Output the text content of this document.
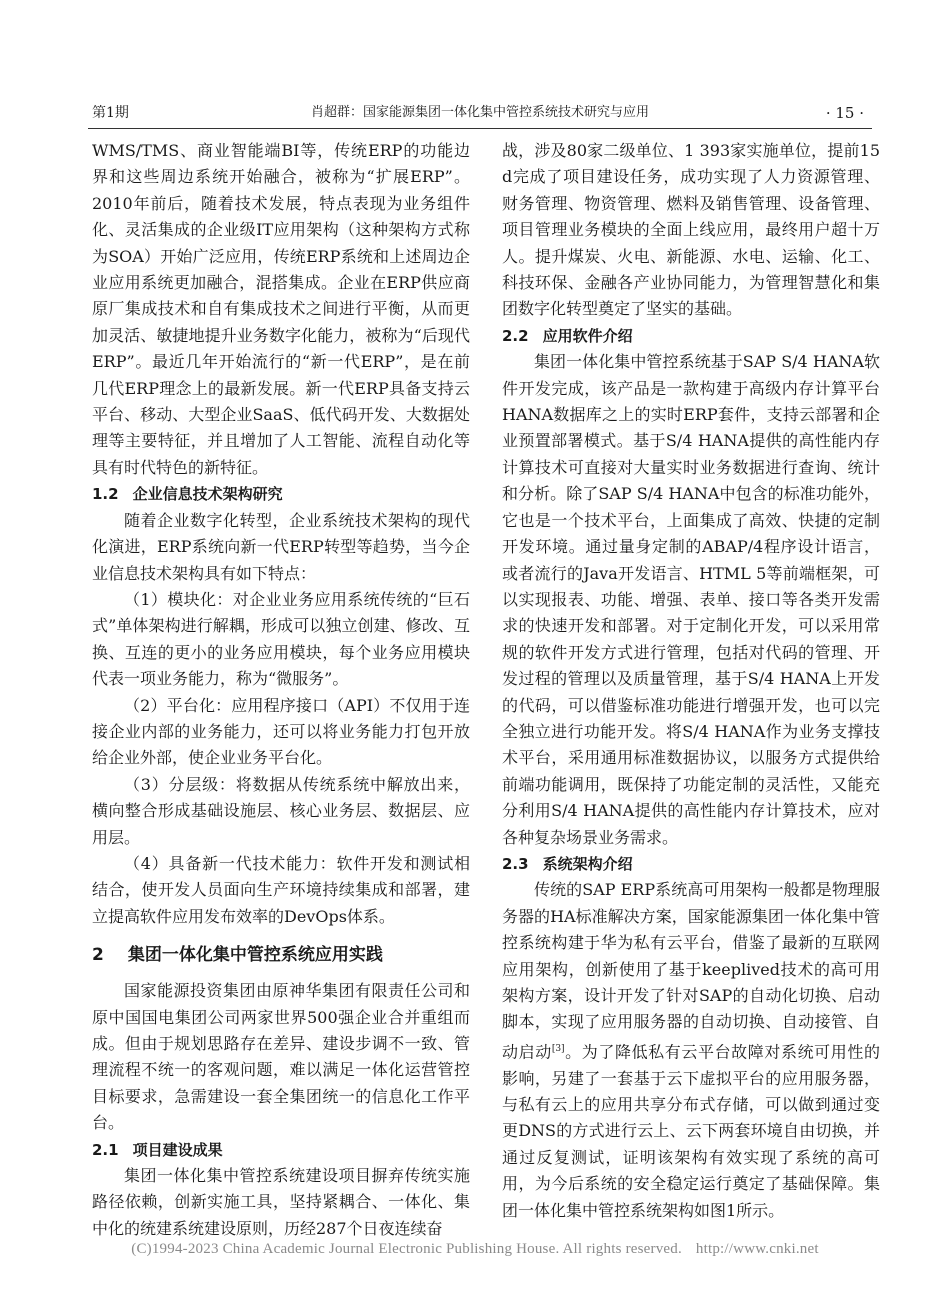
第1期	肖超群：国家能源集团一体化集中管控系统技术研究与应用	· 15 ·

WMS/TMS、商业智能端BI等，传统ERP的功能边界和这些周边系统开始融合，被称为“扩展ERP”。2010年前后，随着技术发展，特点表现为业务组件化、灵活集成的企业级IT应用架构（这种架构方式称为SOA）开始广泛应用，传统ERP系统和上述周边企业应用系统更加融合，混搭集成。企业在ERP供应商原厂集成技术和自有集成技术之间进行平衡，从而更加灵活、敏捷地提升业务数字化能力，被称为“后现代ERP”。最近几年开始流行的“新一代ERP”，是在前几代ERP理念上的最新发展。新一代ERP具备支持云平台、移动、大型企业SaaS、低代码开发、大数据处理等主要特征，并且增加了人工智能、流程自动化等具有时代特色的新特征。

1.2 企业信息技术架构研究

随着企业数字化转型，企业系统技术架构的现代化演进，ERP系统向新一代ERP转型等趋势，当今企业信息技术架构具有如下特点：

（1）模块化：对企业业务应用系统传统的“巨石式”单体架构进行解耦，形成可以独立创建、修改、互换、互连的更小的业务应用模块，每个业务应用模块代表一项业务能力，称为“微服务”。

（2）平台化：应用程序接口（API）不仅用于连接企业内部的业务能力，还可以将业务能力打包开放给企业外部，使企业业务平台化。

（3）分层级：将数据从传统系统中解放出来，横向整合形成基础设施层、核心业务层、数据层、应用层。

（4）具备新一代技术能力：软件开发和测试相结合，使开发人员面向生产环境持续集成和部署，建立提高软件应用发布效率的DevOps体系。

2 集团一体化集中管控系统应用实践

国家能源投资集团由原神华集团有限责任公司和原中国国电集团公司两家世界500强企业合并重组而成。但由于规划思路存在差异、建设步调不一致、管理流程不统一的客观问题，难以满足一体化运营管控目标要求，急需建设一套全集团统一的信息化工作平台。

2.1 项目建设成果

集团一体化集中管控系统建设项目摒弃传统实施路径依赖，创新实施工具，坚持紧耦合、一体化、集中化的统建系统建设原则，历经287个日夜连续奋

战，涉及80家二级单位、1 393家实施单位，提前15 d完成了项目建设任务，成功实现了人力资源管理、财务管理、物资管理、燃料及销售管理、设备管理、项目管理业务模块的全面上线应用，最终用户超十万人。提升煤炭、火电、新能源、水电、运输、化工、科技环保、金融各产业协同能力，为管理智慧化和集团数字化转型奠定了坚实的基础。

2.2 应用软件介绍

集团一体化集中管控系统基于SAP S/4 HANA软件开发完成，该产品是一款构建于高级内存计算平台HANA数据库之上的实时ERP套件，支持云部署和企业预置部署模式。基于S/4 HANA提供的高性能内存计算技术可直接对大量实时业务数据进行查询、统计和分析。除了SAP S/4 HANA中包含的标准功能外，它也是一个技术平台，上面集成了高效、快捷的定制开发环境。通过量身定制的ABAP/4程序设计语言，或者流行的Java开发语言、HTML 5等前端框架，可以实现报表、功能、增强、表单、接口等各类开发需求的快速开发和部署。对于定制化开发，可以采用常规的软件开发方式进行管理，包括对代码的管理、开发过程的管理以及质量管理，基于S/4 HANA上开发的代码，可以借鉴标准功能进行增强开发，也可以完全独立进行功能开发。将S/4 HANA作为业务支撑技术平台，采用通用标准数据协议，以服务方式提供给前端功能调用，既保持了功能定制的灵活性，又能充分利用S/4 HANA提供的高性能内存计算技术，应对各种复杂场景业务需求。

2.3 系统架构介绍

传统的SAP ERP系统高可用架构一般都是物理服务器的HA标准解决方案，国家能源集团一体化集中管控系统构建于华为私有云平台，借鉴了最新的互联网应用架构，创新使用了基于keeplived技术的高可用架构方案，设计开发了针对SAP的自动化切换、启动脚本，实现了应用服务器的自动切换、自动接管、自动启动[3]。为了降低私有云平台故障对系统可用性的影响，另建了一套基于云下虚拟平台的应用服务器，与私有云上的应用共享分布式存储，可以做到通过变更DNS的方式进行云上、云下两套环境自由切换，并通过反复测试，证明该架构有效实现了系统的高可用，为今后系统的安全稳定运行奠定了基础保障。集团一体化集中管控系统架构如图1所示。

(C)1994-2023 China Academic Journal Electronic Publishing House. All rights reserved. http://www.cnki.net
